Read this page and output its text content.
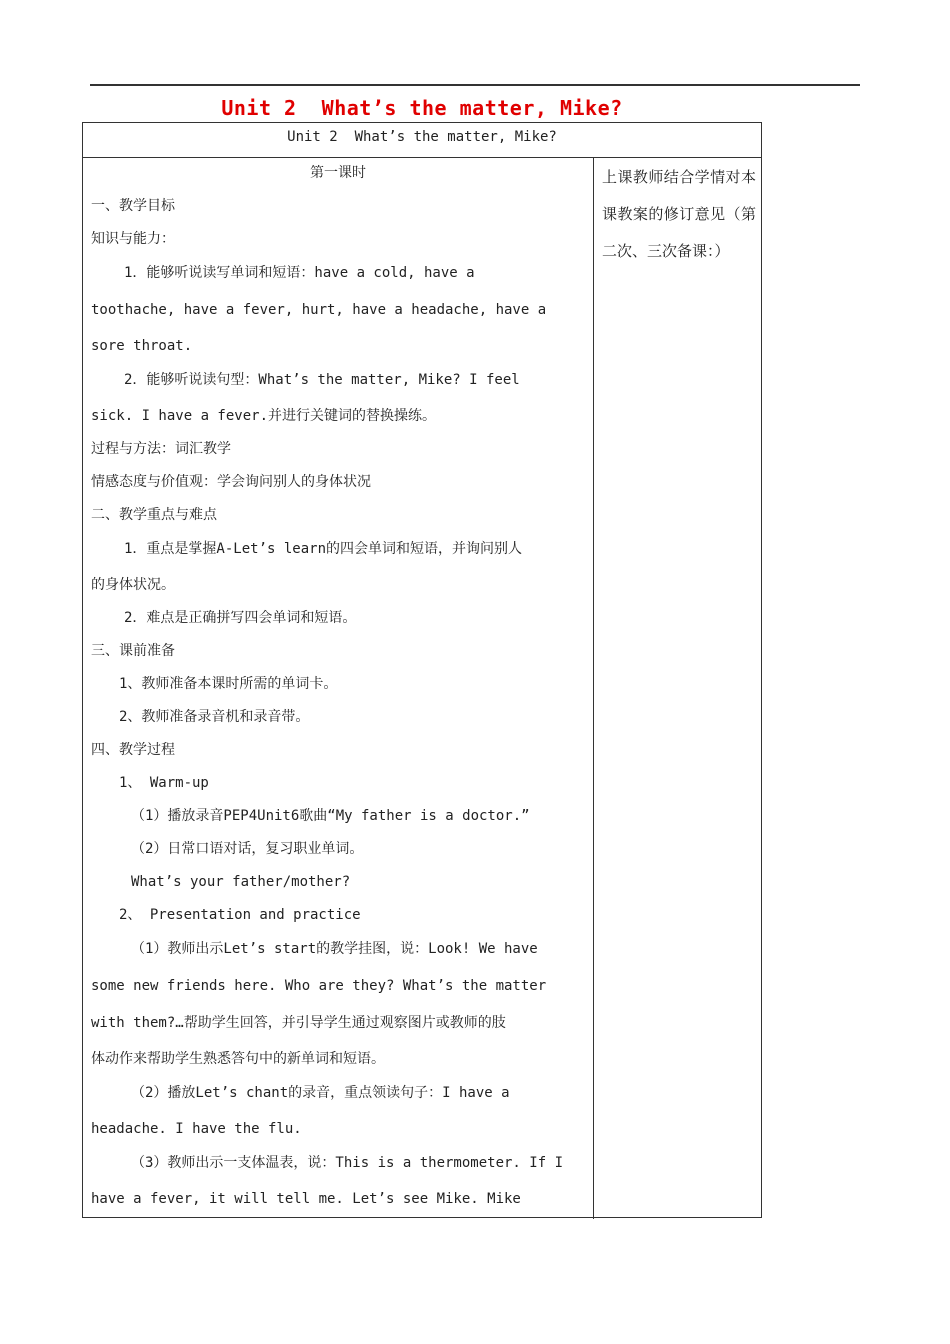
Unit 2  What’s the matter, Mike?
Unit 2  What’s the matter, Mike?
第一课时
一、教学目标
知识与能力：
1．能够听说读写单词和短语：have a cold, have a
toothache, have a fever, hurt, have a headache, have a
sore throat.
2．能够听说读句型：What’s the matter, Mike? I feel
sick. I have a fever.并进行关键词的替换操练。
过程与方法：词汇教学
情感态度与价值观：学会询问别人的身体状况
二、教学重点与难点
1．重点是掌握A-Let’s learn的四会单词和短语，并询问别人
的身体状况。
2．难点是正确拼写四会单词和短语。
三、课前准备
1、教师准备本课时所需的单词卡。
2、教师准备录音机和录音带。
四、教学过程
1、 Warm-up
（1）播放录音PEP4Unit6歌曲“My father is a doctor.”
（2）日常口语对话，复习职业单词。
What’s your father/mother?
2、 Presentation and practice
（1）教师出示Let’s start的教学挂图，说：Look! We have
some new friends here. Who are they? What’s the matter
with them?…帮助学生回答，并引导学生通过观察图片或教师的肢
体动作来帮助学生熟悉答句中的新单词和短语。
（2）播放Let’s chant的录音，重点领读句子：I have a
headache. I have the flu.
（3）教师出示一支体温表，说：This is a thermometer. If I
have a fever, it will tell me. Let’s see Mike. Mike
上课教师结合学情对本课教案的修订意见（第二次、三次备课：）
